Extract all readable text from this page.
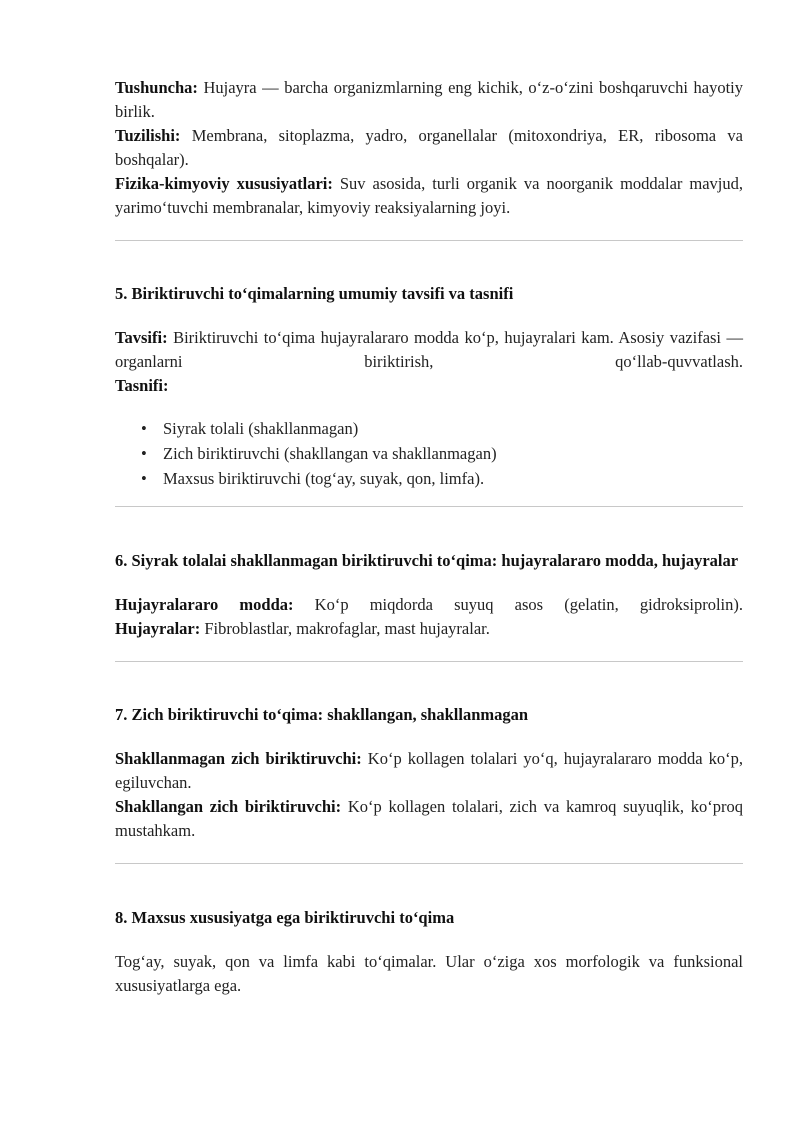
Tushuncha: Hujayra — barcha organizmlarning eng kichik, o‘z-o‘zini boshqaruvchi hayotiy birlik.

Tuzilishi: Membrana, sitoplazma, yadro, organellalar (mitoxondriya, ER, ribosoma va boshqalar).

Fizika-kimyoviy xususiyatlari: Suv asosida, turli organik va noorganik moddalar mavjud, yarimo‘tuvchi membranalar, kimyoviy reaksiyalarning joyi.

5. Biriktiruvchi to‘qimalarning umumiy tavsifi va tasnifi

Tavsifi: Biriktiruvchi to‘qima hujayralararo modda ko‘p, hujayralari kam. Asosiy vazifasi — organlarni biriktirish, qo‘llab-quvvatlash.

Tasnifi:

• Siyrak tolali (shakllanmagan)
• Zich biriktiruvchi (shakllangan va shakllanmagan)
• Maxsus biriktiruvchi (tog‘ay, suyak, qon, limfa).
6. Siyrak tolalai shakllanmagan biriktiruvchi to‘qima: hujayralararo modda, hujayralar

Hujayralararo modda: Ko‘p miqdorda suyuq asos (gelatin, gidroksiprolin).

Hujayralar: Fibroblastlar, makrofaglar, mast hujayralar.

7. Zich biriktiruvchi to‘qima: shakllangan, shakllanmagan

Shakllanmagan zich biriktiruvchi: Ko‘p kollagen tolalari yo‘q, hujayralararo modda ko‘p, egiluvchan.

Shakllangan zich biriktiruvchi: Ko‘p kollagen tolalari, zich va kamroq suyuqlik, ko‘proq mustahkam.

8. Maxsus xususiyatga ega biriktiruvchi to‘qima

Tog‘ay, suyak, qon va limfa kabi to‘qimalar. Ular o‘ziga xos morfologik va funksional xususiyatlarga ega.
